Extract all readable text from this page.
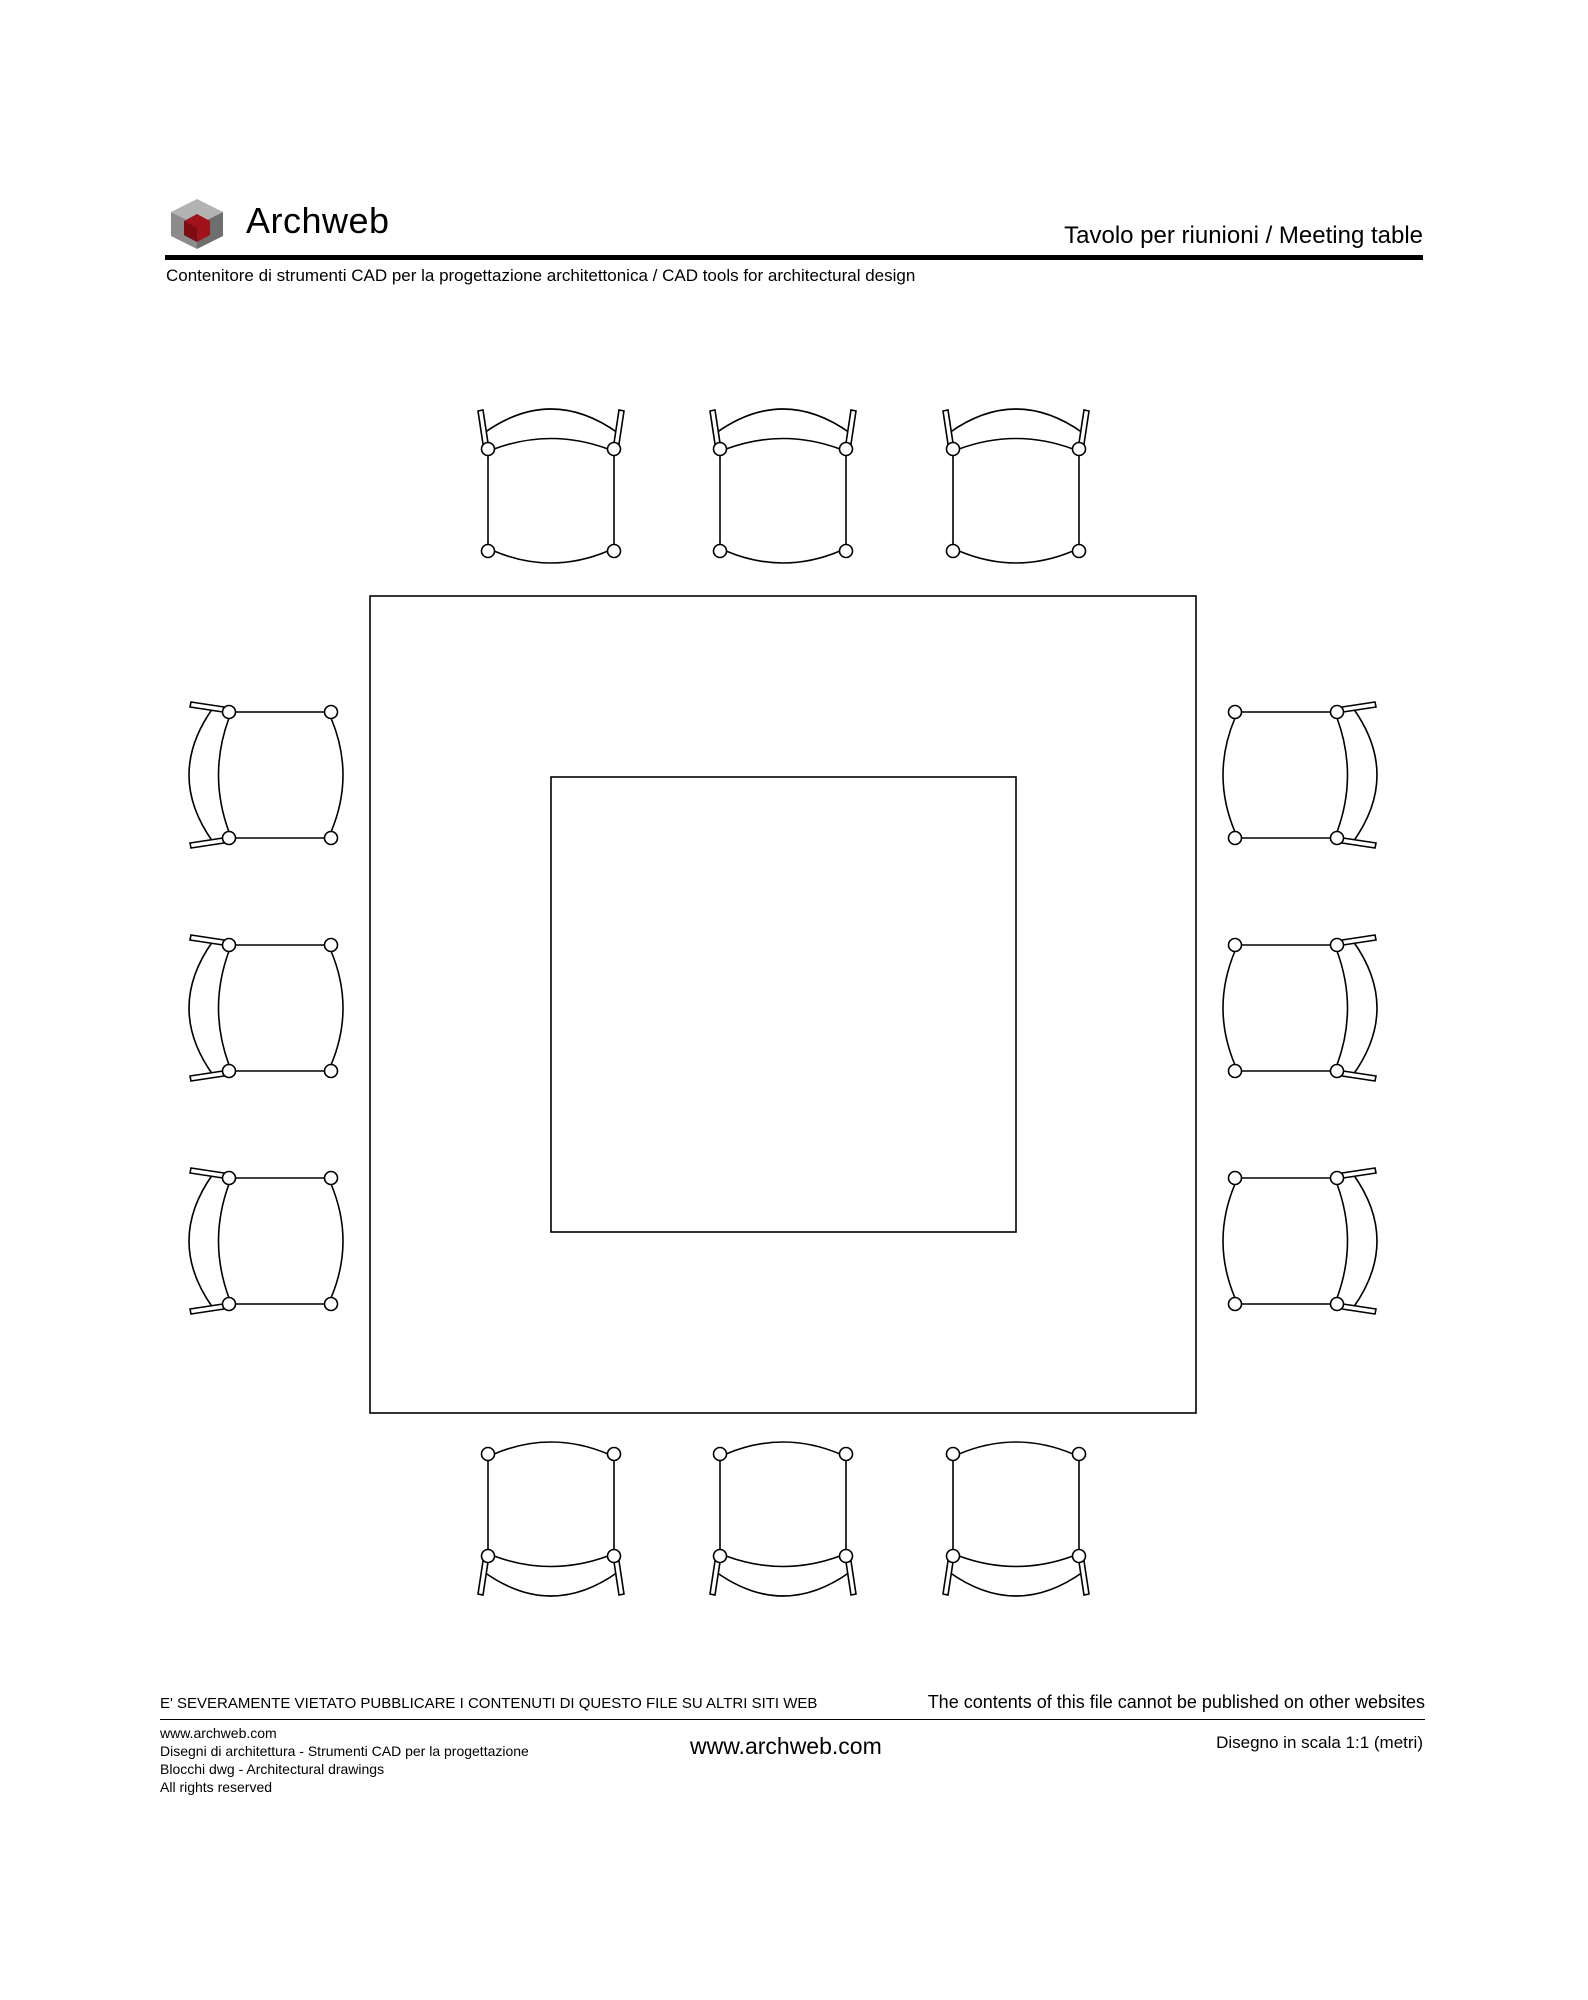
Archweb	Tavolo per riunioni / Meeting table
Contenitore di strumenti CAD per la progettazione architettonica / CAD tools for architectural design
E' SEVERAMENTE VIETATO PUBBLICARE I CONTENUTI DI QUESTO FILE SU ALTRI SITI WEB	The contents of this file cannot be published on other websites
www.archweb.com
Disegni di architettura - Strumenti CAD per la progettazione
Blocchi dwg - Architectural drawings
All rights reserved
www.archweb.com	Disegno in scala 1:1 (metri)
